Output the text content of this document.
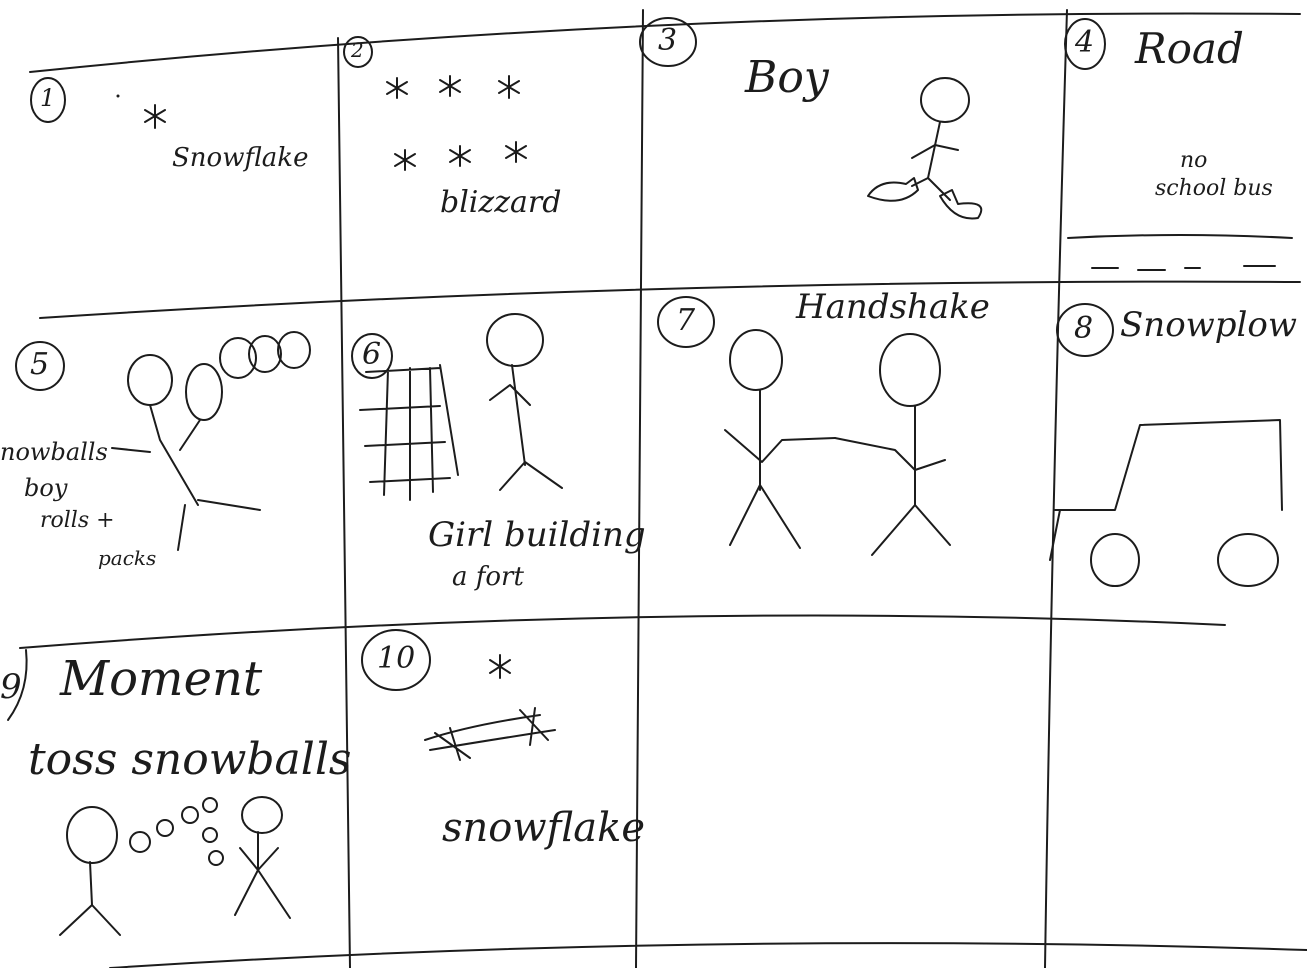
1
2	3	4
5	6
7	8
9
10
Snowflake
blizzard
Boy
Road
no
school bus
nowballs
boy
rolls +
packs
Girl building
a fort
Handshake	Snowplow
Moment
toss snowballs
snowflake
